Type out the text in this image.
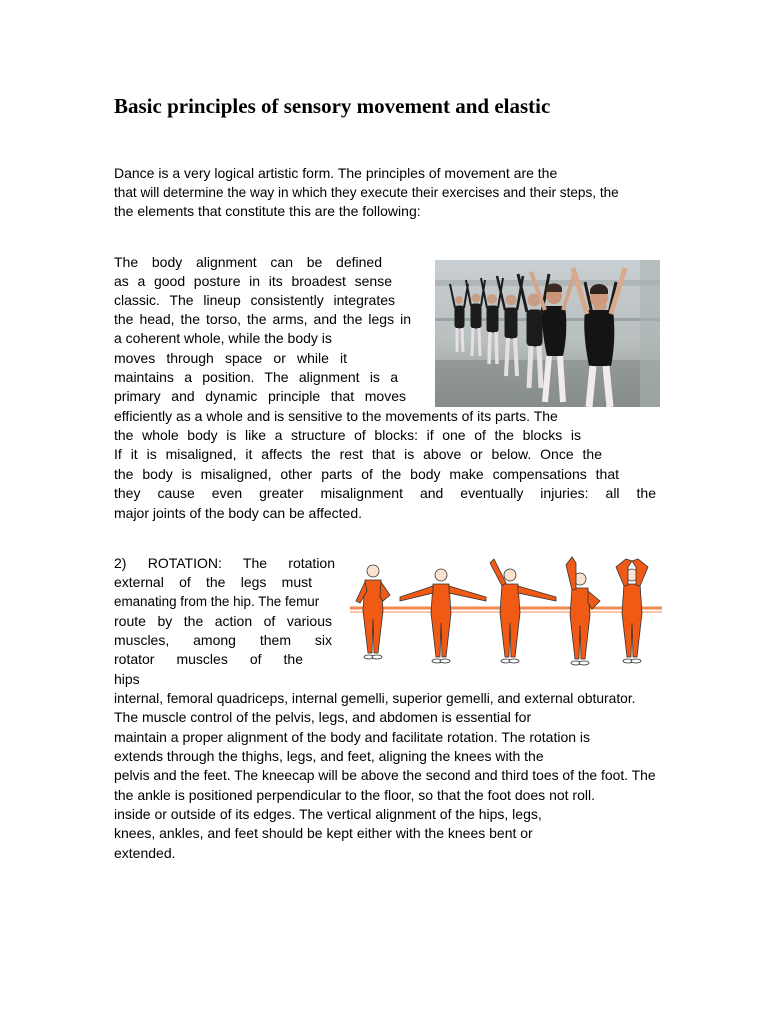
Basic principles of sensory movement and elastic

Dance is a very logical artistic form. The principles of movement are the

that will determine the way in which they execute their exercises and their steps, the

the elements that constitute this are the following:

The body alignment can be defined

as a good posture in its broadest sense

classic. The lineup consistently integrates

the head, the torso, the arms, and the legs in

a coherent whole, while the body is

moves through space or while it

maintains a position. The alignment is a

primary and dynamic principle that moves

efficiently as a whole and is sensitive to the movements of its parts. The

the whole body is like a structure of blocks: if one of the blocks is

If it is misaligned, it affects the rest that is above or below. Once the

the body is misaligned, other parts of the body make compensations that

they cause even greater misalignment and eventually injuries: all the

major joints of the body can be affected.

2) ROTATION: The rotation

external of the legs must

emanating from the hip. The femur

route by the action of various

muscles, among them six

rotator muscles of the

hips

internal, femoral quadriceps, internal gemelli, superior gemelli, and external obturator.

The muscle control of the pelvis, legs, and abdomen is essential for

maintain a proper alignment of the body and facilitate rotation. The rotation is

extends through the thighs, legs, and feet, aligning the knees with the

pelvis and the feet. The kneecap will be above the second and third toes of the foot. The

the ankle is positioned perpendicular to the floor, so that the foot does not roll.

inside or outside of its edges. The vertical alignment of the hips, legs,

knees, ankles, and feet should be kept either with the knees bent or

extended.
